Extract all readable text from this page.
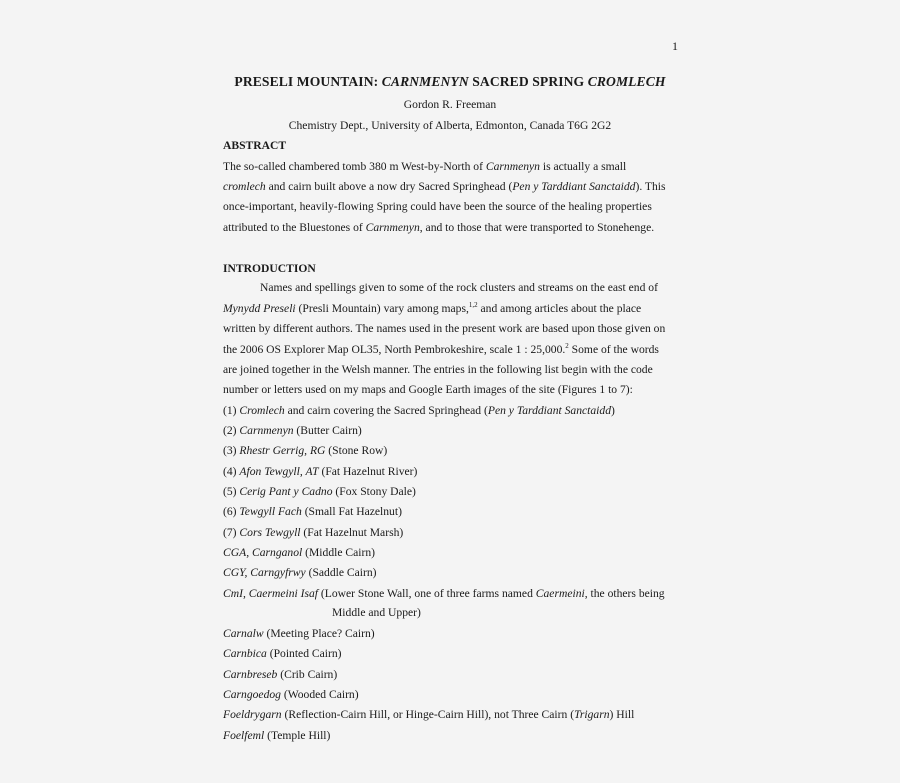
1
PRESELI MOUNTAIN: CARNMENYN SACRED SPRING CROMLECH
Gordon R. Freeman
Chemistry Dept., University of Alberta, Edmonton, Canada T6G 2G2
ABSTRACT
The so-called chambered tomb 380 m West-by-North of Carnmenyn is actually a small
cromlech and cairn built above a now dry Sacred Springhead (Pen y Tarddiant Sanctaidd). This
once-important, heavily-flowing Spring could have been the source of the healing properties
attributed to the Bluestones of Carnmenyn, and to those that were transported to Stonehenge.
INTRODUCTION
Names and spellings given to some of the rock clusters and streams on the east end of
Mynydd Preseli (Presli Mountain) vary among maps,$^{1,2}$ and among articles about the place
written by different authors. The names used in the present work are based upon those given on
the 2006 OS Explorer Map OL35, North Pembrokeshire, scale 1 : 25,000.$^2$ Some of the words
are joined together in the Welsh manner. The entries in the following list begin with the code
number or letters used on my maps and Google Earth images of the site (Figures 1 to 7):
(1) Cromlech and cairn covering the Sacred Springhead (Pen y Tarddiant Sanctaidd)
(2) Carnmenyn (Butter Cairn)
(3) Rhestr Gerrig, RG (Stone Row)
(4) Afon Tewgyll, AT (Fat Hazelnut River)
(5) Cerig Pant y Cadno (Fox Stony Dale)
(6) Tewgyll Fach (Small Fat Hazelnut)
(7) Cors Tewgyll (Fat Hazelnut Marsh)
CGA, Carnganol (Middle Cairn)
CGY, Carngyfrwy (Saddle Cairn)
CmI, Caermeini Isaf (Lower Stone Wall, one of three farms named Caermeini, the others being
Middle and Upper)
Carnalw (Meeting Place? Cairn)
Carnbica (Pointed Cairn)
Carnbreseb (Crib Cairn)
Carngoedog (Wooded Cairn)
Foeldrygarn (Reflection-Cairn Hill, or Hinge-Cairn Hill), not Three Cairn (Trigarn) Hill
Foelfeml (Temple Hill)
